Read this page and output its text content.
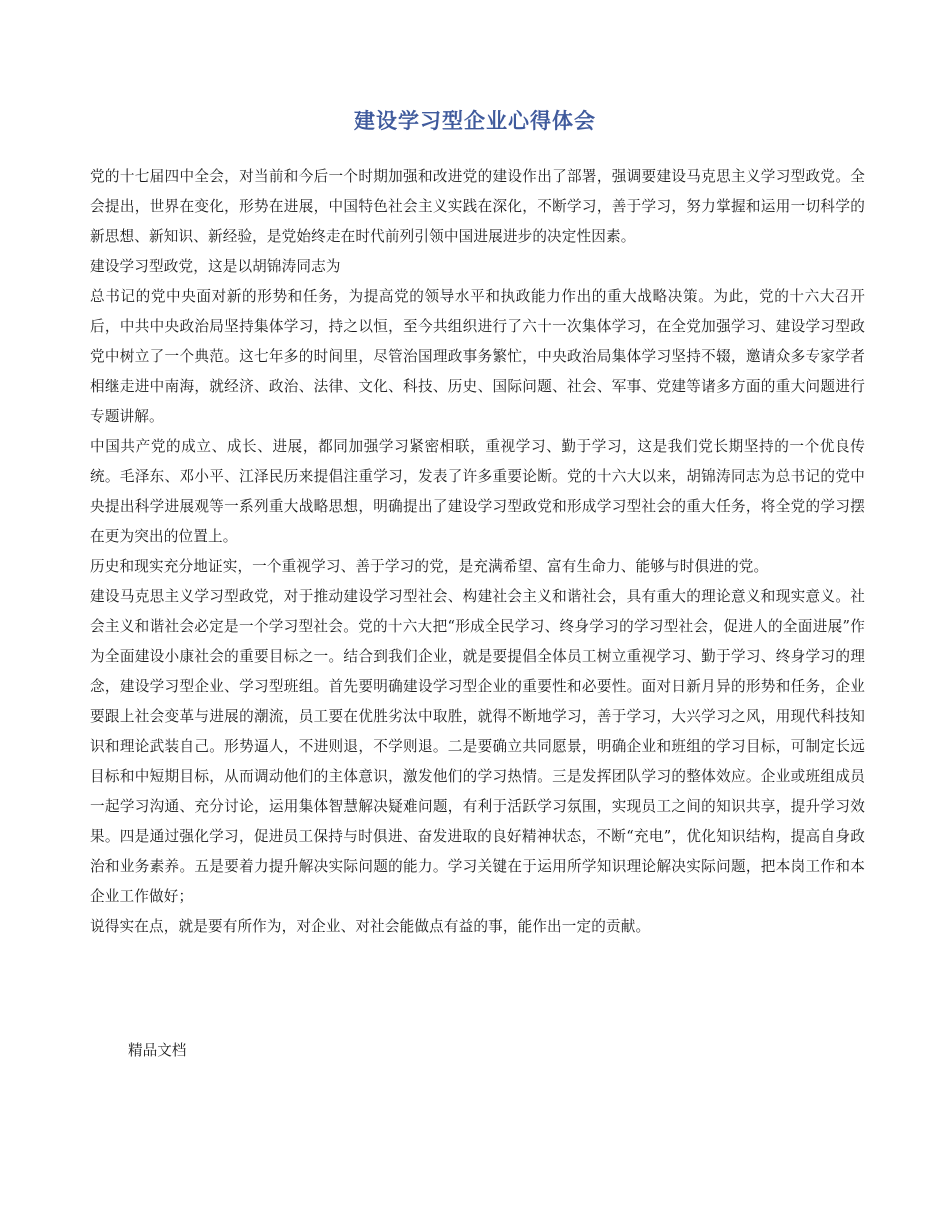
建设学习型企业心得体会

党的十七届四中全会，对当前和今后一个时期加强和改进党的建设作出了部署，强调要建设马克思主义学习型政党。全会提出，世界在变化，形势在进展，中国特色社会主义实践在深化，不断学习，善于学习，努力掌握和运用一切科学的新思想、新知识、新经验，是党始终走在时代前列引领中国进展进步的决定性因素。

建设学习型政党，这是以胡锦涛同志为

总书记的党中央面对新的形势和任务，为提高党的领导水平和执政能力作出的重大战略决策。为此，党的十六大召开后，中共中央政治局坚持集体学习，持之以恒，至今共组织进行了六十一次集体学习，在全党加强学习、建设学习型政党中树立了一个典范。这七年多的时间里，尽管治国理政事务繁忙，中央政治局集体学习坚持不辍，邀请众多专家学者相继走进中南海，就经济、政治、法律、文化、科技、历史、国际问题、社会、军事、党建等诸多方面的重大问题进行专题讲解。

中国共产党的成立、成长、进展，都同加强学习紧密相联，重视学习、勤于学习，这是我们党长期坚持的一个优良传统。毛泽东、邓小平、江泽民历来提倡注重学习，发表了许多重要论断。党的十六大以来，胡锦涛同志为总书记的党中央提出科学进展观等一系列重大战略思想，明确提出了建设学习型政党和形成学习型社会的重大任务，将全党的学习摆在更为突出的位置上。

历史和现实充分地证实，一个重视学习、善于学习的党，是充满希望、富有生命力、能够与时俱进的党。

建设马克思主义学习型政党，对于推动建设学习型社会、构建社会主义和谐社会，具有重大的理论意义和现实意义。社会主义和谐社会必定是一个学习型社会。党的十六大把“形成全民学习、终身学习的学习型社会，促进人的全面进展”作为全面建设小康社会的重要目标之一。结合到我们企业，就是要提倡全体员工树立重视学习、勤于学习、终身学习的理念，建设学习型企业、学习型班组。首先要明确建设学习型企业的重要性和必要性。面对日新月异的形势和任务，企业要跟上社会变革与进展的潮流，员工要在优胜劣汰中取胜，就得不断地学习，善于学习，大兴学习之风，用现代科技知识和理论武装自己。形势逼人，不进则退，不学则退。二是要确立共同愿景，明确企业和班组的学习目标，可制定长远目标和中短期目标，从而调动他们的主体意识，激发他们的学习热情。三是发挥团队学习的整体效应。企业或班组成员一起学习沟通、充分讨论，运用集体智慧解决疑难问题，有利于活跃学习氛围，实现员工之间的知识共享，提升学习效果。四是通过强化学习，促进员工保持与时俱进、奋发进取的良好精神状态，不断“充电”，优化知识结构，提高自身政治和业务素养。五是要着力提升解决实际问题的能力。学习关键在于运用所学知识理论解决实际问题，把本岗工作和本企业工作做好；

说得实在点，就是要有所作为，对企业、对社会能做点有益的事，能作出一定的贡献。

精品文档
